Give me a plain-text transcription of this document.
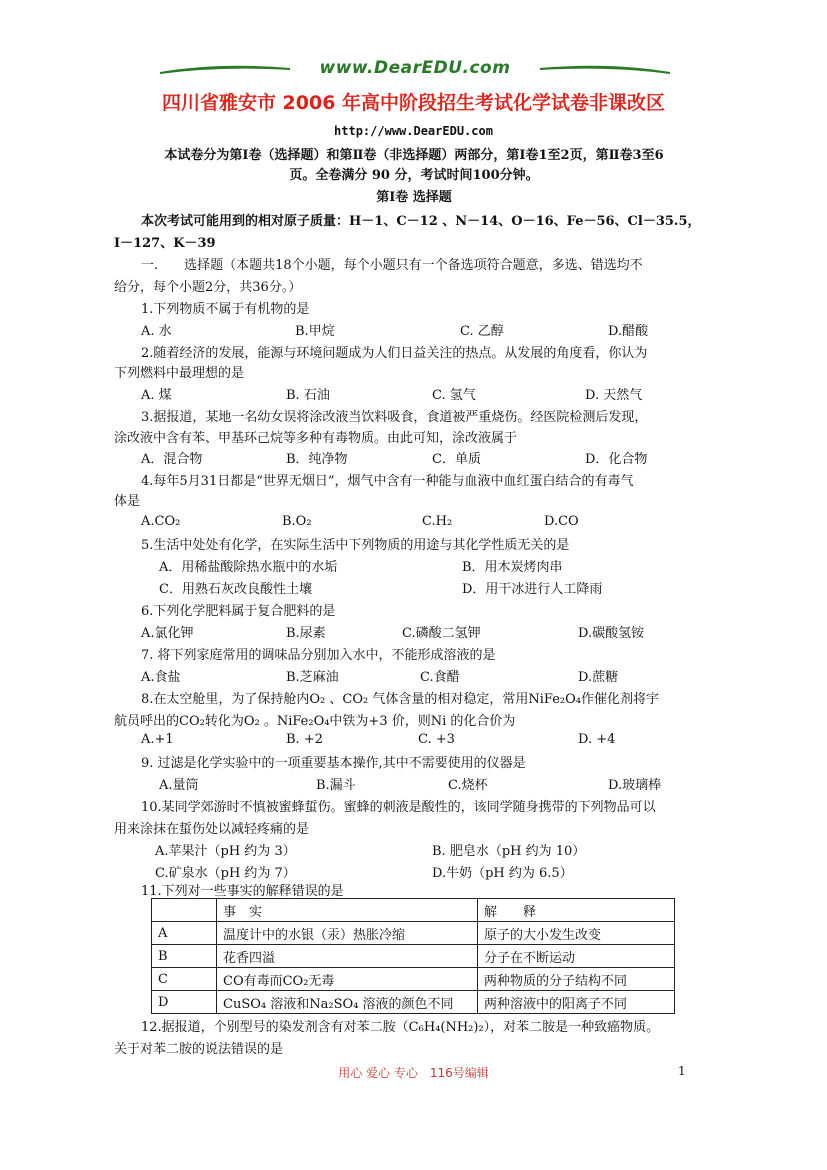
www.DearEDU.com
四川省雅安市 2006 年高中阶段招生考试化学试卷非课改区
http://www.DearEDU.com
本试卷分为第Ⅰ卷（选择题）和第Ⅱ卷（非选择题）两部分，第Ⅰ卷1至2页，第Ⅱ卷3至6
页。全卷满分 90 分，考试时间100分钟。
第Ⅰ卷 选择题
本次考试可能用到的相对原子质量：H－1、C－12 、N－14、O－16、Fe－56、Cl－35.5，
I－127、K－39
一.　　选择题（本题共18个小题，每个小题只有一个备选项符合题意，多选、错选均不
给分，每个小题2分，共36分。）
1.下列物质不属于有机物的是
A. 水	B.甲烷	C. 乙醇	D.醋酸
2.随着经济的发展，能源与环境问题成为人们日益关注的热点。从发展的角度看，你认为
下列燃料中最理想的是
A. 煤	B. 石油	C. 氢气	D. 天然气
3.据报道，某地一名幼女误将涂改液当饮料吸食，食道被严重烧伤。经医院检测后发现，
涂改液中含有苯、甲基环己烷等多种有毒物质。由此可知，涂改液属于
A．混合物	B．纯净物	C．单质	D．化合物
4.每年5月31日都是“世界无烟日”，烟气中含有一种能与血液中血红蛋白结合的有毒气
体是
A.CO₂	B.O₂	C.H₂	D.CO
5.生活中处处有化学，在实际生活中下列物质的用途与其化学性质无关的是
A．用稀盐酸除热水瓶中的水垢	B．用木炭烤肉串
C．用熟石灰改良酸性土壤	D．用干冰进行人工降雨
6.下列化学肥料属于复合肥料的是
A.氯化钾	B.尿素	C.磷酸二氢钾	D.碳酸氢铵
7. 将下列家庭常用的调味品分别加入水中，不能形成溶液的是
A.食盐	B.芝麻油	C.食醋	D.蔗糖
8.在太空舱里，为了保持舱内O₂ 、CO₂ 气体含量的相对稳定，常用NiFe₂O₄作催化剂将宇
航员呼出的CO₂转化为O₂ 。NiFe₂O₄中铁为+3 价，则Ni 的化合价为
A.+1	B. +2	C. +3	D. +4
9. 过滤是化学实验中的一项重要基本操作,其中不需要使用的仪器是
A.量筒	B.漏斗	C.烧杯	D.玻璃棒
10.某同学郊游时不慎被蜜蜂蜇伤。蜜蜂的刺液是酸性的，该同学随身携带的下列物品可以
用来涂抹在蜇伤处以减轻疼痛的是
A.苹果汁（pH 约为 3）	B. 肥皂水（pH 约为 10）
C.矿泉水（pH 约为 7）	D.牛奶（pH 约为 6.5）
11.下列对一些事实的解释错误的是
	事　实	解　　释
A	温度计中的水银（汞）热胀冷缩	原子的大小发生改变
B	花香四溢	分子在不断运动
C	CO有毒而CO₂无毒	两种物质的分子结构不同
D	CuSO₄ 溶液和Na₂SO₄ 溶液的颜色不同	两种溶液中的阳离子不同
12.据报道，个别型号的染发剂含有对苯二胺（C₆H₄(NH₂)₂），对苯二胺是一种致癌物质。
关于对苯二胺的说法错误的是
用心 爱心 专心　116号编辑	1
